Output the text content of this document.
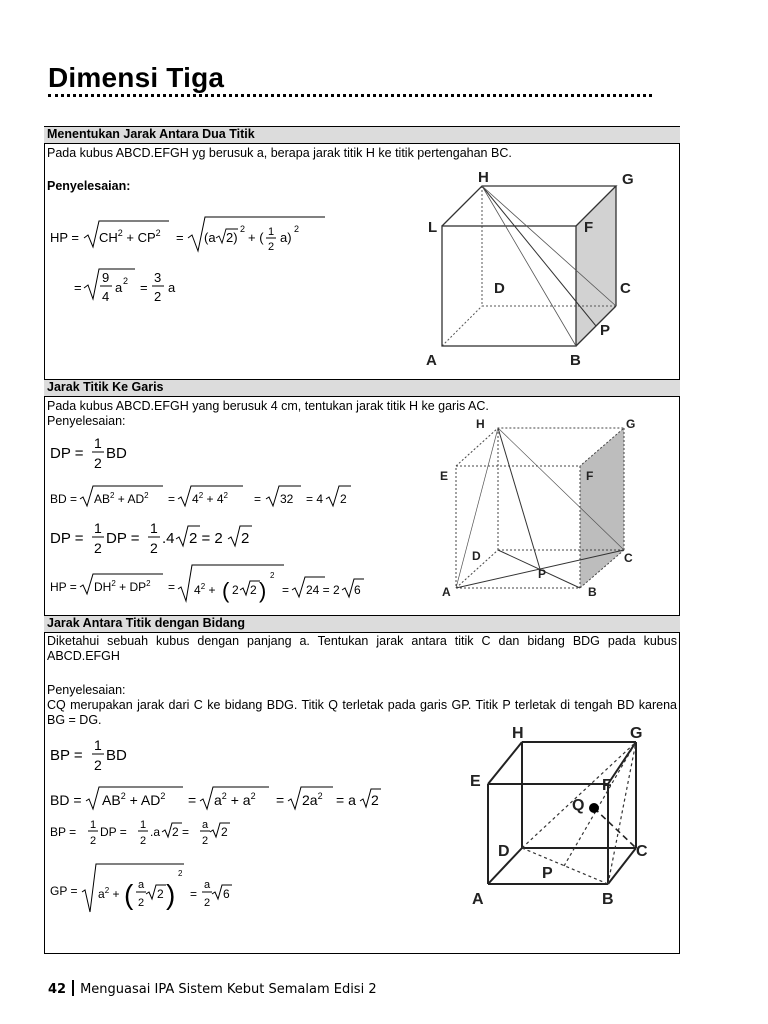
Dimensi Tiga
Menentukan Jarak Antara Dua Titik
Pada kubus ABCD.EFGH yg berusuk a, berapa jarak titik H ke titik pertengahan BC.
Penyelesaian:
HP = $CH^2 + CP^2 = (a$ 2)
2
+ ( 1
2
a)
2
=
9
4
a 2 =
3
2
a
H	G
L	F
D	C
P
A	B
Jarak Titik Ke Garis
Pada kubus ABCD.EFGH yang berusuk 4 cm, tentukan jarak titik H ke garis AC.
Penyelesaian:
DP =
1
2
BD
BD = $AB^2 + AD^2 = 4^2 + 4^2 = 32 = 4$ 2
DP =
1
2
DP =
1
2
.4 2 = 2 2
HP = $DH^2 + DP^2 = 4^2$ + ( 2 2 )
2
= 24 = 2 6
H	G
E	F
D	C
P
A	B
Jarak Antara Titik dengan Bidang
Diketahui sebuah kubus dengan panjang a. Tentukan jarak antara titik C dan bidang BDG pada kubus ABCD.EFGH
Penyelesaian:
CQ merupakan jarak dari C ke bidang BDG. Titik Q terletak pada garis GP. Titik P terletak di tengah BD karena BG = DG.
BP =
1
2
BD
BD = $AB^2 + AD^2 = a^2 + a^2 = 2a^2 = a$ 2
BP = 1
2
DP = 1
2
.a 2 = a
2
2
GP = $a^2$ + ( a
2
2 )
2
=
a
2
6
H	G
E	F
Q
D	C
P
A	B
42 Menguasai IPA Sistem Kebut Semalam Edisi 2
